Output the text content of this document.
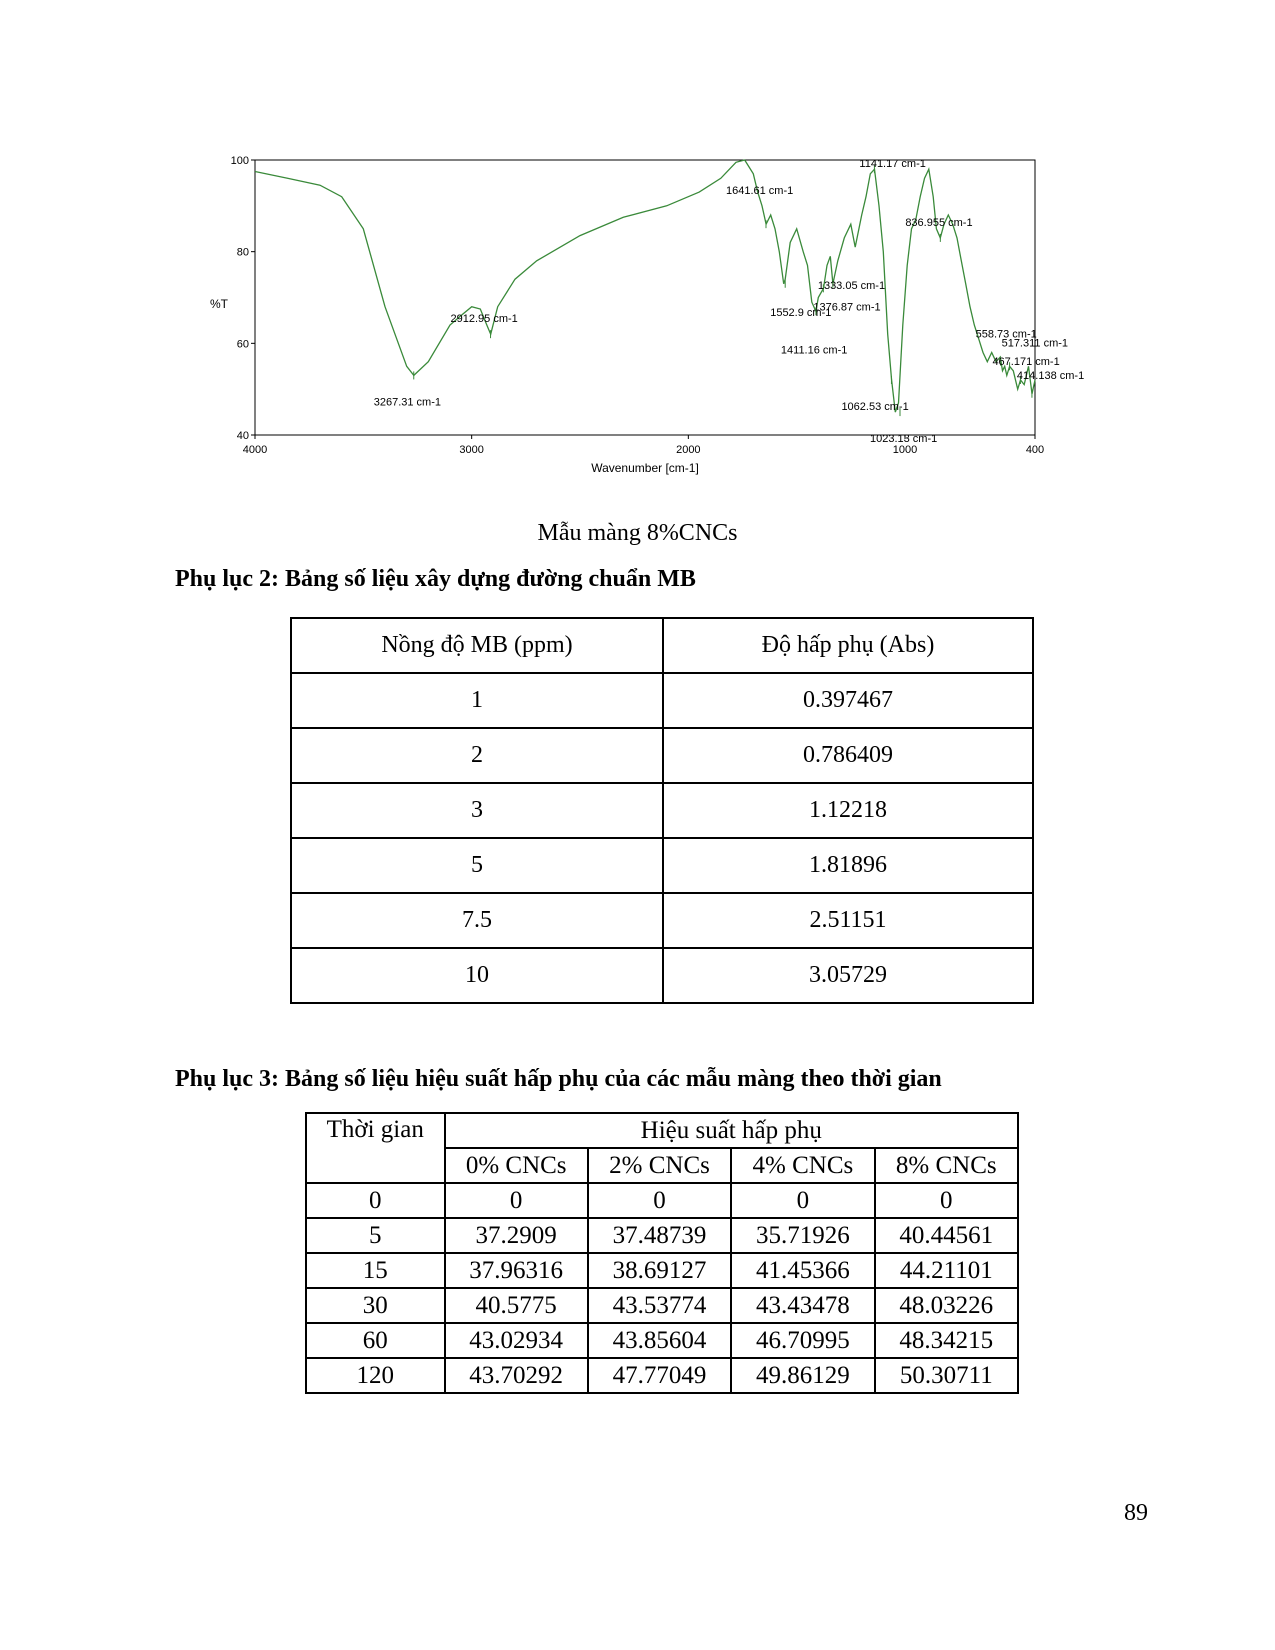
40
60
80
100
4000	3000	2000	1000	400
%T
Wavenumber [cm-1]
3267.31 cm-1
2912.95 cm-1
1641.61 cm-1
1552.9 cm-1
1376.87 cm-1
1333.05 cm-1
1411.16 cm-1
1141.17 cm-1
836.955 cm-1
1062.53 cm-1
1023.13 cm-1
558.73 cm-1
517.311 cm-1
467.171 cm-1
414.138 cm-1
Mẫu màng 8%CNCs
Phụ lục 2: Bảng số liệu xây dựng đường chuẩn MB
Nồng độ MB (ppm)	Độ hấp phụ (Abs)
1	0.397467
2	0.786409
3	1.12218
5	1.81896
7.5	2.51151
10	3.05729
Phụ lục 3: Bảng số liệu hiệu suất hấp phụ của các mẫu màng theo thời gian
Thời gian	Hiệu suất hấp phụ			
	0% CNCs	2% CNCs	4% CNCs	8% CNCs
0	0	0	0	0
5	37.2909	37.48739	35.71926	40.44561
15	37.96316	38.69127	41.45366	44.21101
30	40.5775	43.53774	43.43478	48.03226
60	43.02934	43.85604	46.70995	48.34215
120	43.70292	47.77049	49.86129	50.30711
89
